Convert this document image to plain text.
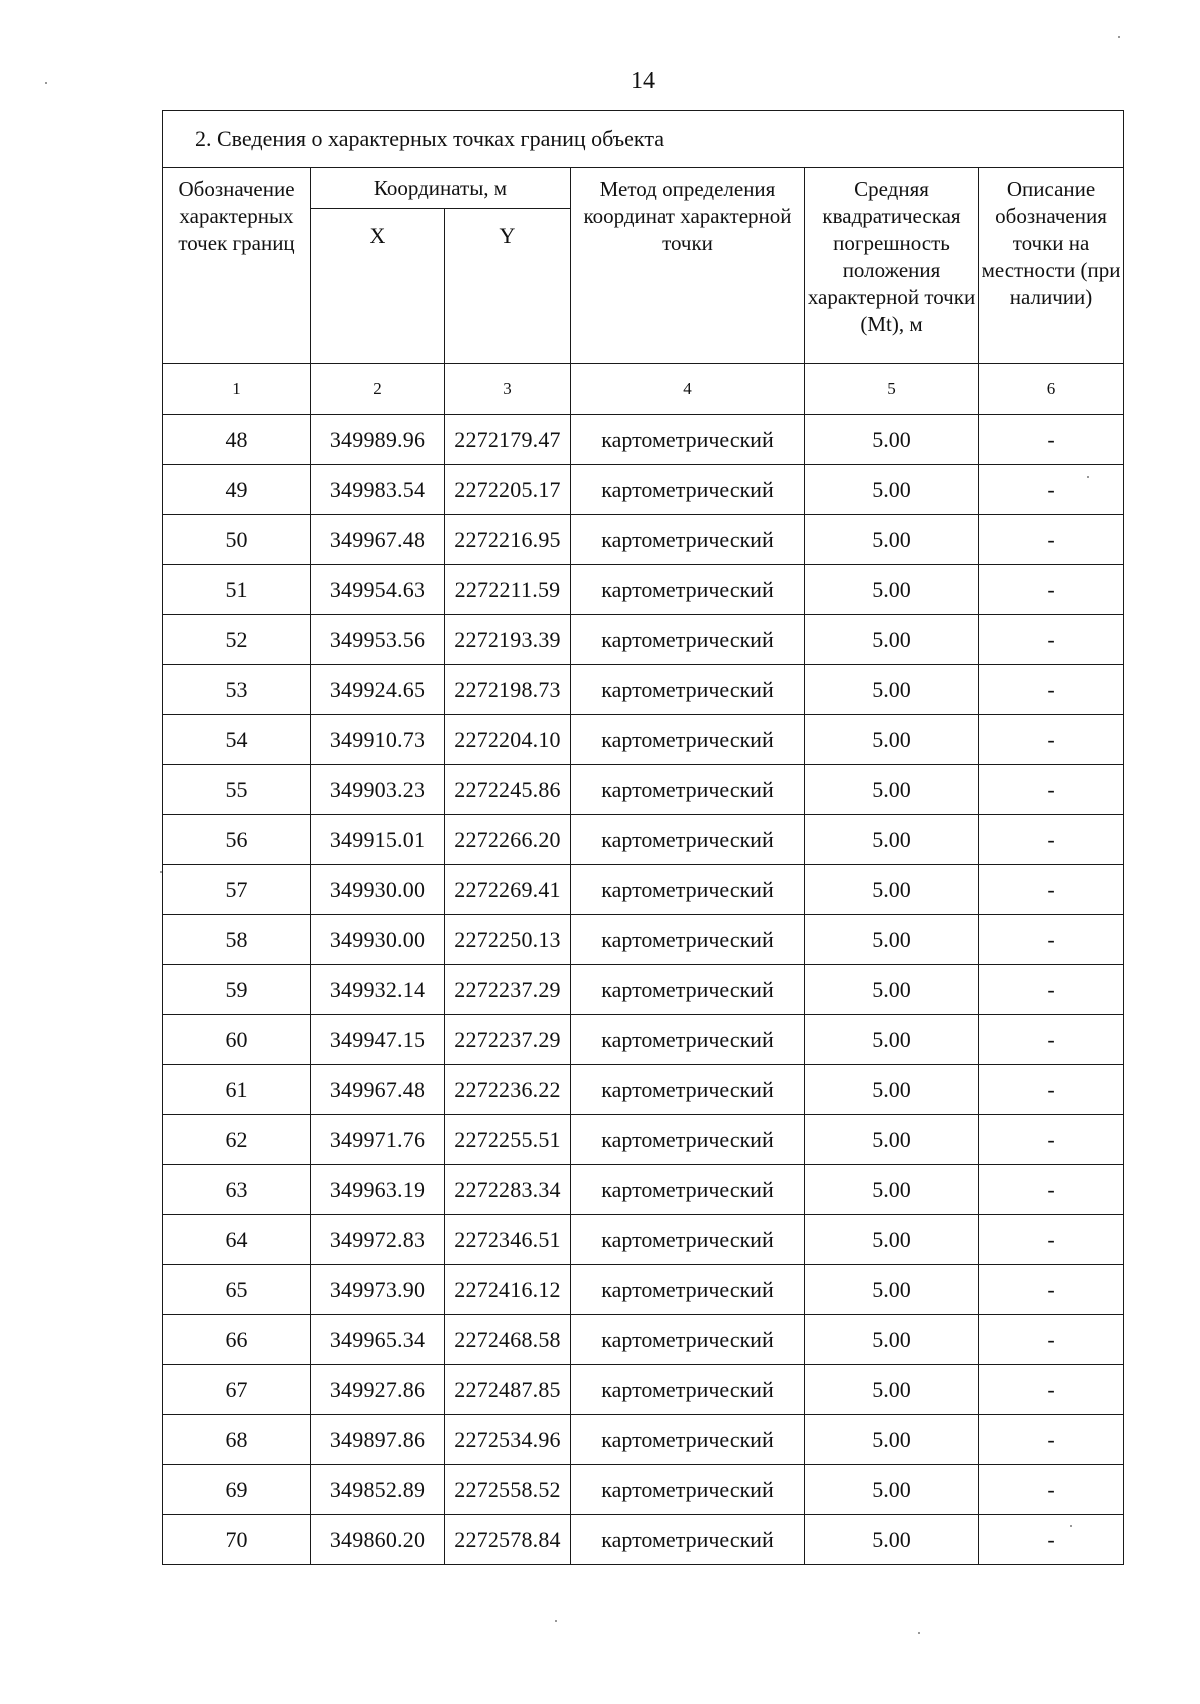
14
2. Сведения о характерных точках границ объекта					
Обозначение характерных точек границ	Координаты, м		Метод определения координат характерной точки	Средняя квадратическая погрешность положения характерной точки (Mt), м	Описание обозначения точки на местности (при наличии)
	X	Y			
1	2	3	4	5	6
48	349989.96	2272179.47	картометрический	5.00	-
49	349983.54	2272205.17	картометрический	5.00	-
50	349967.48	2272216.95	картометрический	5.00	-
51	349954.63	2272211.59	картометрический	5.00	-
52	349953.56	2272193.39	картометрический	5.00	-
53	349924.65	2272198.73	картометрический	5.00	-
54	349910.73	2272204.10	картометрический	5.00	-
55	349903.23	2272245.86	картометрический	5.00	-
56	349915.01	2272266.20	картометрический	5.00	-
57	349930.00	2272269.41	картометрический	5.00	-
58	349930.00	2272250.13	картометрический	5.00	-
59	349932.14	2272237.29	картометрический	5.00	-
60	349947.15	2272237.29	картометрический	5.00	-
61	349967.48	2272236.22	картометрический	5.00	-
62	349971.76	2272255.51	картометрический	5.00	-
63	349963.19	2272283.34	картометрический	5.00	-
64	349972.83	2272346.51	картометрический	5.00	-
65	349973.90	2272416.12	картометрический	5.00	-
66	349965.34	2272468.58	картометрический	5.00	-
67	349927.86	2272487.85	картометрический	5.00	-
68	349897.86	2272534.96	картометрический	5.00	-
69	349852.89	2272558.52	картометрический	5.00	-
70	349860.20	2272578.84	картометрический	5.00	-
